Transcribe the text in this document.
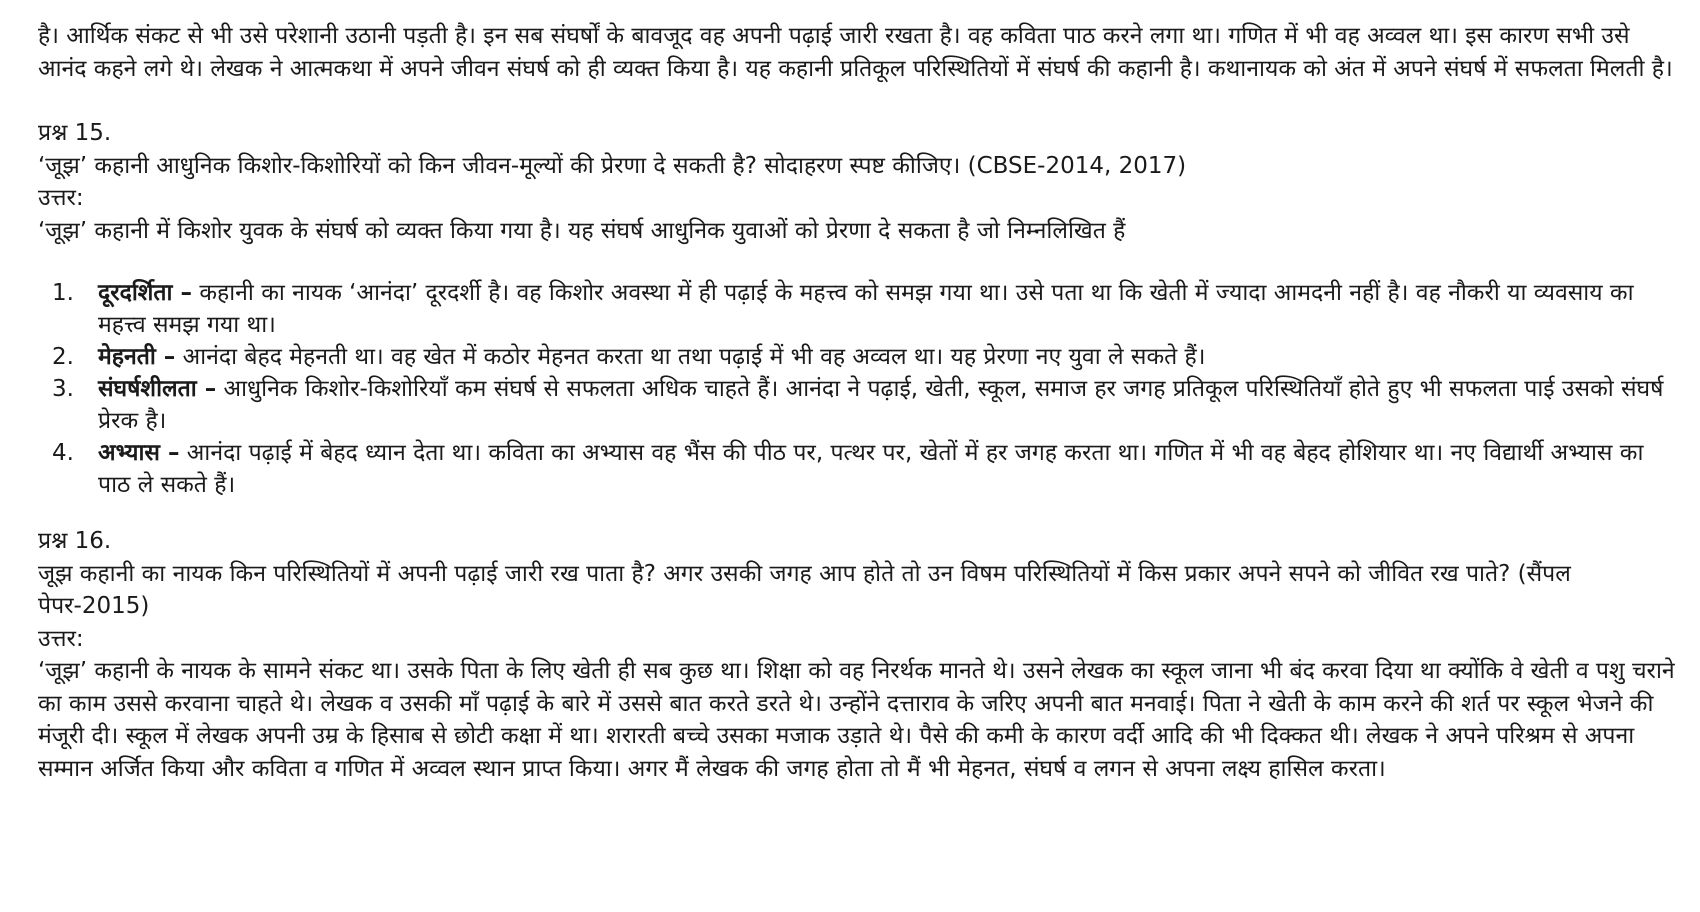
है। आर्थिक संकट से भी उसे परेशानी उठानी पड़ती है। इन सब संघर्षों के बावजूद वह अपनी पढ़ाई जारी रखता है। वह कविता पाठ करने लगा था। गणित में भी वह अव्वल था। इस कारण सभी उसे आनंद कहने लगे थे। लेखक ने आत्मकथा में अपने जीवन संघर्ष को ही व्यक्त किया है। यह कहानी प्रतिकूल परिस्थितियों में संघर्ष की कहानी है। कथानायक को अंत में अपने संघर्ष में सफलता मिलती है।

प्रश्न 15.

‘जूझ’ कहानी आधुनिक किशोर-किशोरियों को किन जीवन-मूल्यों की प्रेरणा दे सकती है? सोदाहरण स्पष्ट कीजिए। (CBSE-2014, 2017)

उत्तर:

‘जूझ’ कहानी में किशोर युवक के संघर्ष को व्यक्त किया गया है। यह संघर्ष आधुनिक युवाओं को प्रेरणा दे सकता है जो निम्नलिखित हैं

1.	दूरदर्शिता – कहानी का नायक ‘आनंदा’ दूरदर्शी है। वह किशोर अवस्था में ही पढ़ाई के महत्त्व को समझ गया था। उसे पता था कि खेती में ज्यादा आमदनी नहीं है। वह नौकरी या व्यवसाय का महत्त्व समझ गया था।
2.	मेहनती – आनंदा बेहद मेहनती था। वह खेत में कठोर मेहनत करता था तथा पढ़ाई में भी वह अव्वल था। यह प्रेरणा नए युवा ले सकते हैं।
3.	संघर्षशीलता – आधुनिक किशोर-किशोरियाँ कम संघर्ष से सफलता अधिक चाहते हैं। आनंदा ने पढ़ाई, खेती, स्कूल, समाज हर जगह प्रतिकूल परिस्थितियाँ होते हुए भी सफलता पाई उसको संघर्ष प्रेरक है।
4.	अभ्यास – आनंदा पढ़ाई में बेहद ध्यान देता था। कविता का अभ्यास वह भैंस की पीठ पर, पत्थर पर, खेतों में हर जगह करता था। गणित में भी वह बेहद होशियार था। नए विद्यार्थी अभ्यास का पाठ ले सकते हैं।

प्रश्न 16.

जूझ कहानी का नायक किन परिस्थितियों में अपनी पढ़ाई जारी रख पाता है? अगर उसकी जगह आप होते तो उन विषम परिस्थितियों में किस प्रकार अपने सपने को जीवित रख पाते? (सैंपल पेपर-2015)

उत्तर:

‘जूझ’ कहानी के नायक के सामने संकट था। उसके पिता के लिए खेती ही सब कुछ था। शिक्षा को वह निरर्थक मानते थे। उसने लेखक का स्कूल जाना भी बंद करवा दिया था क्योंकि वे खेती व पशु चराने का काम उससे करवाना चाहते थे। लेखक व उसकी माँ पढ़ाई के बारे में उससे बात करते डरते थे। उन्होंने दत्ताराव के जरिए अपनी बात मनवाई। पिता ने खेती के काम करने की शर्त पर स्कूल भेजने की मंजूरी दी। स्कूल में लेखक अपनी उम्र के हिसाब से छोटी कक्षा में था। शरारती बच्चे उसका मजाक उड़ाते थे। पैसे की कमी के कारण वर्दी आदि की भी दिक्कत थी। लेखक ने अपने परिश्रम से अपना सम्मान अर्जित किया और कविता व गणित में अव्वल स्थान प्राप्त किया। अगर मैं लेखक की जगह होता तो मैं भी मेहनत, संघर्ष व लगन से अपना लक्ष्य हासिल करता।
